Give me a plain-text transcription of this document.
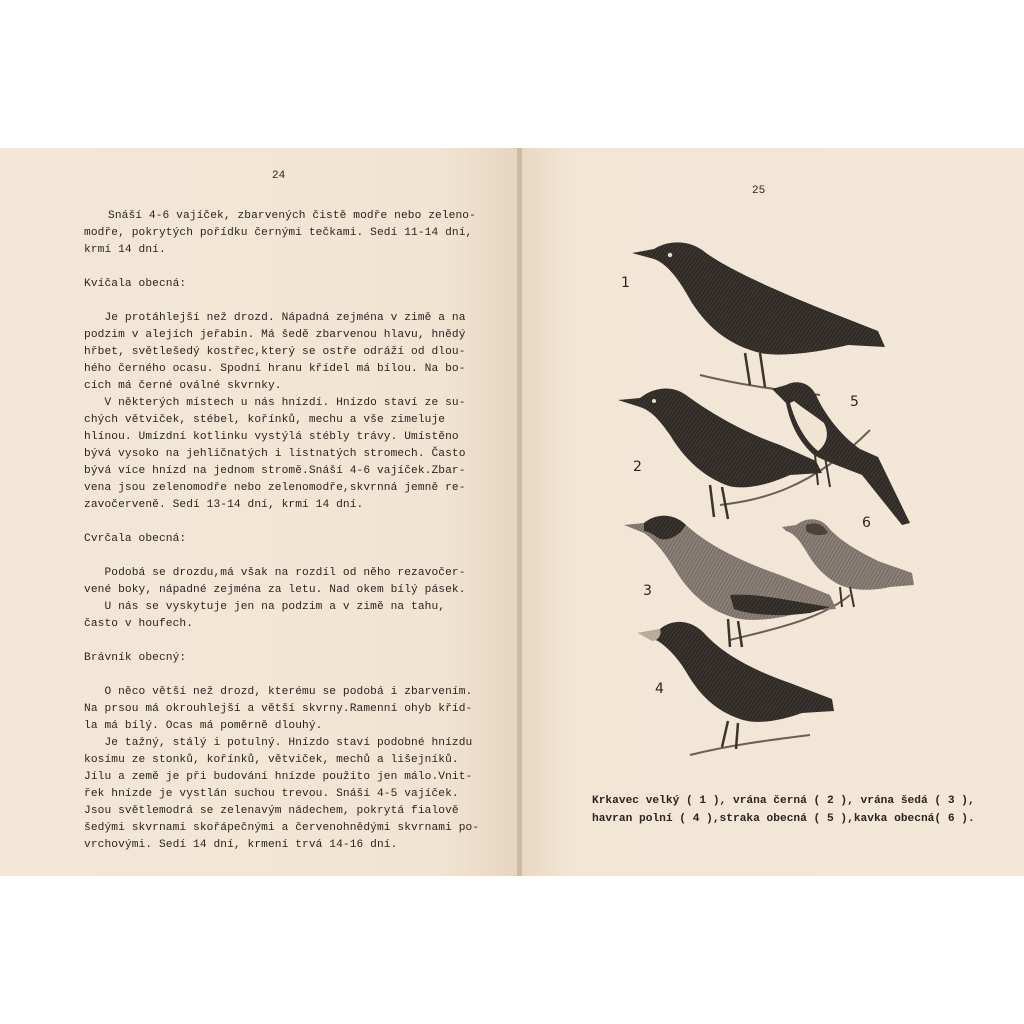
24
Snáší 4-6 vajíček, zbarvených čistě modře nebo zeleno-
modře, pokrytých pořídku černými tečkami. Sedí 11-14 dní,
krmí 14 dní.
Kvíčala obecná:
Je protáhlejší než drozd. Nápadná zejména v zimě a na
podzim v alejích jeřabin. Má šedě zbarvenou hlavu, hnědý
hřbet, světlešedý kostřec,který se ostře odráží od dlou-
hého černého ocasu. Spodní hranu křídel má bílou. Na bo-
cích má černé oválné skvrnky.
V některých místech u nás hnízdí. Hnízdo staví ze su-
chých větviček, stébel, kořínků, mechu a vše zimeluje
hlínou. Umízdní kotlinku vystýlá stébly trávy. Umístěno
bývá vysoko na jehličnatých i listnatých stromech. Často
bývá více hnízd na jednom stromě.Snáší 4-6 vajíček.Zbar-
vena jsou zelenomodře nebo zelenomodře,skvrnná jemně re-
zavočerveně. Sedí 13-14 dní, krmí 14 dní.
Cvrčala obecná:
Podobá se drozdu,má však na rozdíl od něho rezavočer-
vené boky, nápadné zejména za letu. Nad okem bílý pásek.
U nás se vyskytuje jen na podzim a v zimě na tahu,
často v houfech.
Brávník obecný:
O něco větší než drozd, kterému se podobá i zbarvením.
Na prsou má okrouhlejší a větší skvrny.Ramenní ohyb kříd-
la má bílý. Ocas má poměrně dlouhý.
Je tažný, stálý i potulný. Hnízdo staví podobné hnízdu
kosímu ze stonků, kořínků, větviček, mechů a lišejníků.
Jílu a země je při budování hnízde použito jen málo.Vnit-
řek hnízde je vystlán suchou trevou. Snáší 4-5 vajíček.
Jsou světlemodrá se zelenavým nádechem, pokrytá fialově
šedými skvrnami skořápečnými a červenohnědými skvrnami po-
vrchovými. Sedí 14 dní, krmení trvá 14-16 dní.
25
1
5
2
6
3
4
Krkavec velký ( 1 ), vrána černá ( 2 ), vrána šedá ( 3 ),
havran polní ( 4 ),straka obecná ( 5 ),kavka obecná( 6 ).
